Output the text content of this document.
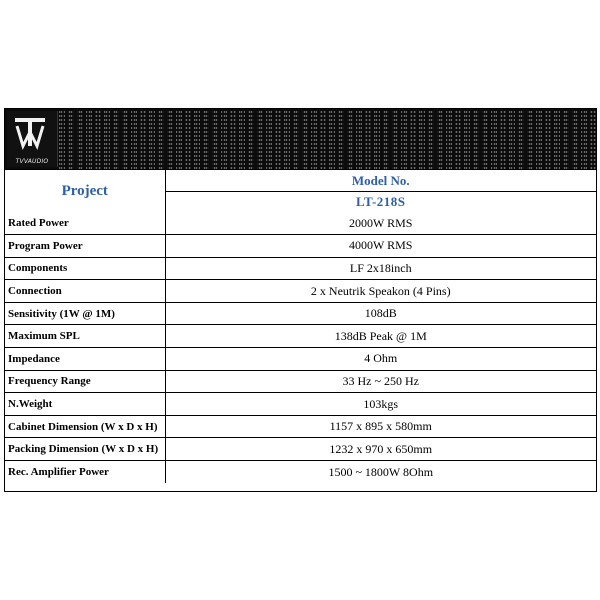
TVVAUDIO
Project	Model No.
LT-218S

Rated Power	2000W RMS
Program Power	4000W RMS
Components	LF 2x18inch
Connection	2 x Neutrik Speakon (4 Pins)
Sensitivity (1W @ 1M)	108dB
Maximum SPL	138dB Peak @ 1M
Impedance	4 Ohm
Frequency Range	33 Hz ~ 250 Hz
N.Weight	103kgs
Cabinet Dimension (W x D x H)	1157 x 895 x 580mm
Packing Dimension (W x D x H)	1232 x 970 x 650mm
Rec. Amplifier Power	1500 ~ 1800W 8Ohm
